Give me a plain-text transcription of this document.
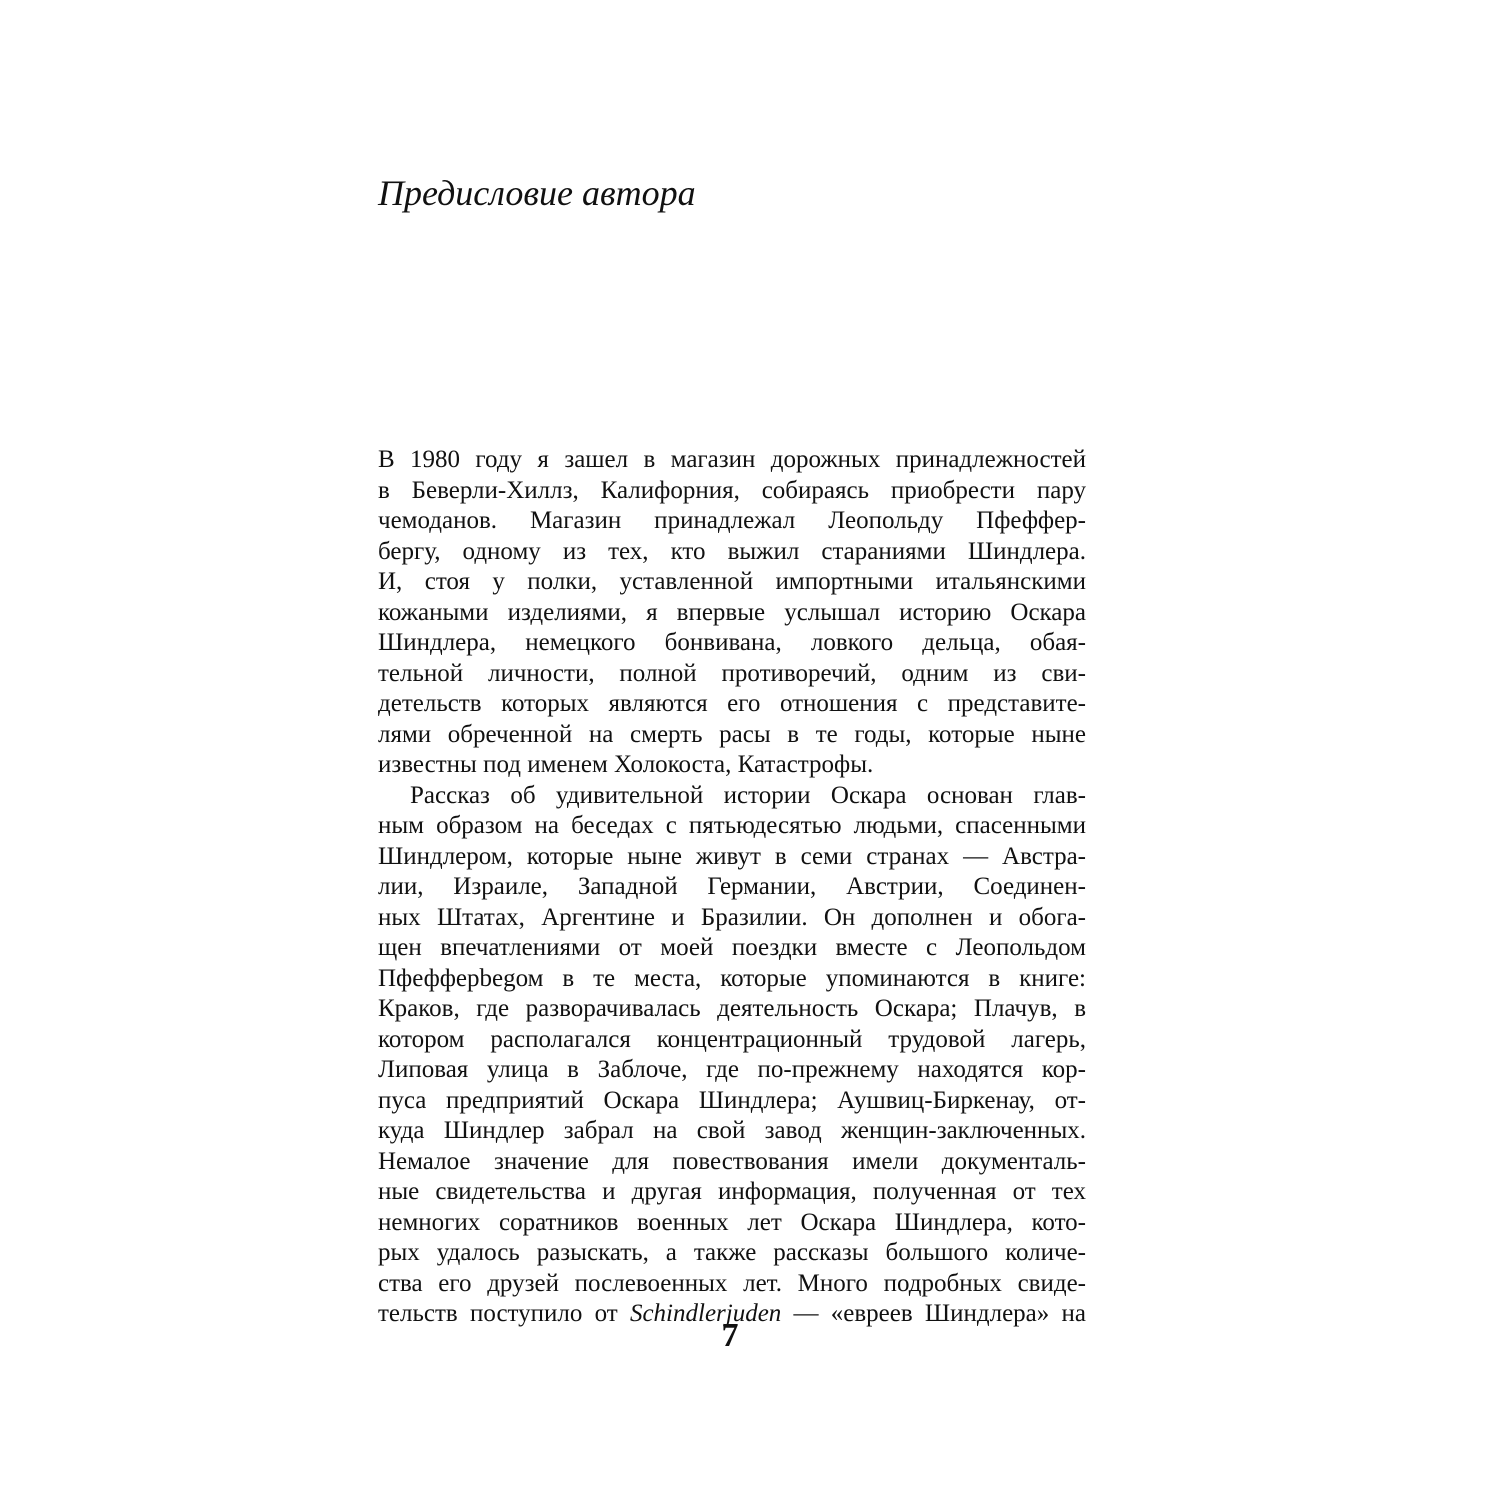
Предисловие автора
В 1980 году я зашел в магазин дорожных принадлежностей
в Беверли-Хиллз, Калифорния, собираясь приобрести пару
чемоданов. Магазин принадлежал Леопольду Пфеффер-
бергу, одному из тех, кто выжил стараниями Шиндлера.
И, стоя у полки, уставленной импортными итальянскими
кожаными изделиями, я впервые услышал историю Оскара
Шиндлера, немецкого бонвивана, ловкого дельца, обая-
тельной личности, полной противоречий, одним из сви-
детельств которых являются его отношения с представите-
лями обреченной на смерть расы в те годы, которые ныне
известны под именем Холокоста, Катастрофы.
Рассказ об удивительной истории Оскара основан глав-
ным образом на беседах с пятьюдесятью людьми, спасенными
Шиндлером, которые ныне живут в семи странах — Австра-
лии, Израиле, Западной Германии, Австрии, Соединен-
ных Штатах, Аргентине и Бразилии. Он дополнен и обога-
щен впечатлениями от моей поездки вместе с Леопольдом
Пфефферbegом в те места, которые упоминаются в книге:
Краков, где разворачивалась деятельность Оскара; Плачув, в
котором располагался концентрационный трудовой лагерь,
Липовая улица в Заблоче, где по-прежнему находятся кор-
пуса предприятий Оскара Шиндлера; Аушвиц-Биркенау, от-
куда Шиндлер забрал на свой завод женщин-заключенных.
Немалое значение для повествования имели документаль-
ные свидетельства и другая информация, полученная от тех
немногих соратников военных лет Оскара Шиндлера, кото-
рых удалось разыскать, а также рассказы большого количе-
ства его друзей послевоенных лет. Много подробных свиде-
тельств поступило от Schindlerjuden — «евреев Шиндлера» на
7
